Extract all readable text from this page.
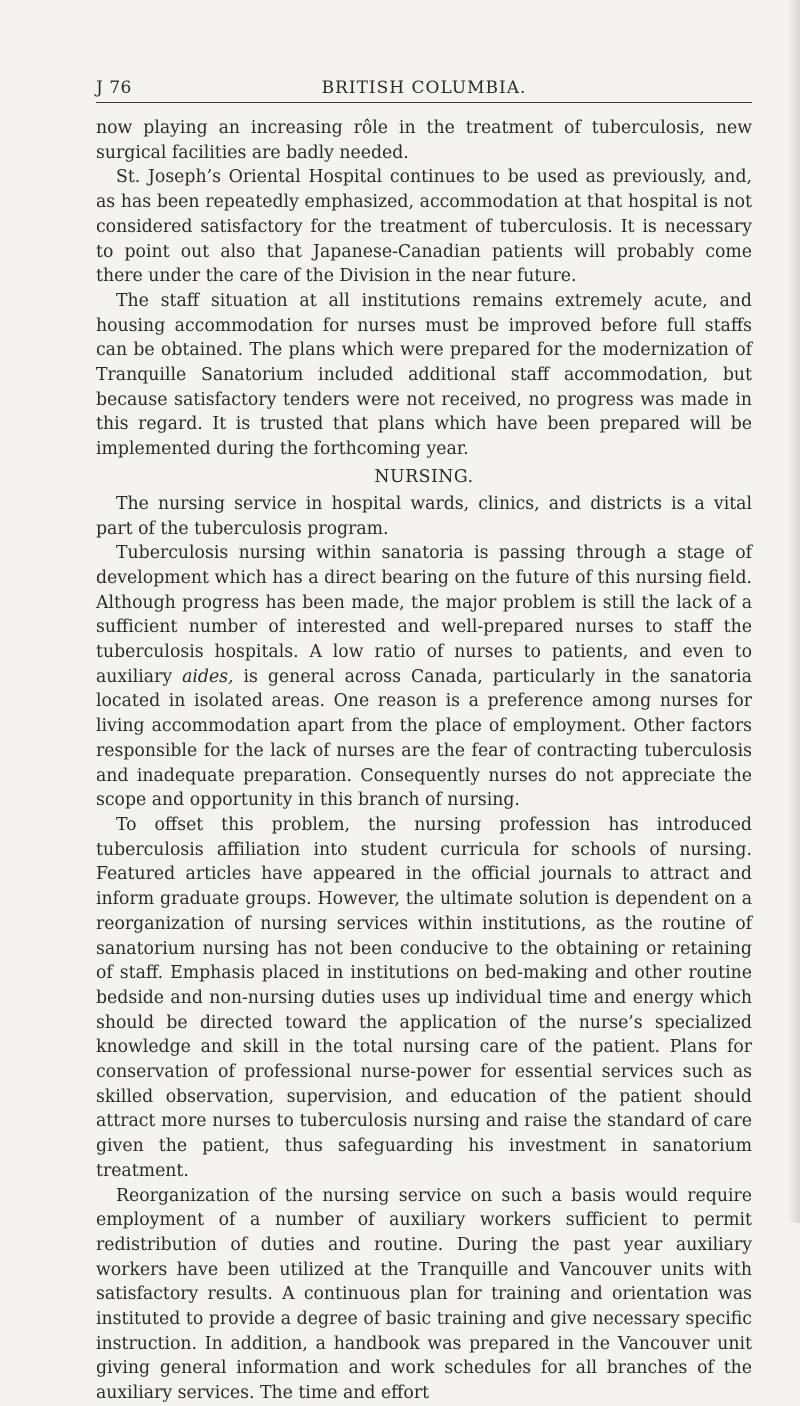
J 76	BRITISH COLUMBIA.

now playing an increasing rôle in the treatment of tuberculosis, new surgical facilities are badly needed.

St. Joseph’s Oriental Hospital continues to be used as previously, and, as has been repeatedly emphasized, accommodation at that hospital is not considered satisfactory for the treatment of tuberculosis. It is necessary to point out also that Japanese-Canadian patients will probably come there under the care of the Division in the near future.

The staff situation at all institutions remains extremely acute, and housing accommodation for nurses must be improved before full staffs can be obtained. The plans which were prepared for the modernization of Tranquille Sanatorium included additional staff accommodation, but because satisfactory tenders were not received, no progress was made in this regard. It is trusted that plans which have been prepared will be implemented during the forthcoming year.

NURSING.

The nursing service in hospital wards, clinics, and districts is a vital part of the tuberculosis program.

Tuberculosis nursing within sanatoria is passing through a stage of development which has a direct bearing on the future of this nursing field. Although progress has been made, the major problem is still the lack of a sufficient number of interested and well-prepared nurses to staff the tuberculosis hospitals. A low ratio of nurses to patients, and even to auxiliary aides, is general across Canada, particularly in the sanatoria located in isolated areas. One reason is a preference among nurses for living accommodation apart from the place of employment. Other factors responsible for the lack of nurses are the fear of contracting tuberculosis and inadequate preparation. Consequently nurses do not appreciate the scope and opportunity in this branch of nursing.

To offset this problem, the nursing profession has introduced tuberculosis affiliation into student curricula for schools of nursing. Featured articles have appeared in the official journals to attract and inform graduate groups. However, the ultimate solution is dependent on a reorganization of nursing services within institutions, as the routine of sanatorium nursing has not been conducive to the obtaining or retaining of staff. Emphasis placed in institutions on bed-making and other routine bedside and non-nursing duties uses up individual time and energy which should be directed toward the application of the nurse’s specialized knowledge and skill in the total nursing care of the patient. Plans for conservation of professional nurse-power for essential services such as skilled observation, supervision, and education of the patient should attract more nurses to tuberculosis nursing and raise the standard of care given the patient, thus safeguarding his investment in sanatorium treatment.

Reorganization of the nursing service on such a basis would require employment of a number of auxiliary workers sufficient to permit redistribution of duties and routine. During the past year auxiliary workers have been utilized at the Tranquille and Vancouver units with satisfactory results. A continuous plan for training and orientation was instituted to provide a degree of basic training and give necessary specific instruction. In addition, a handbook was prepared in the Vancouver unit giving general information and work schedules for all branches of the auxiliary services. The time and effort
